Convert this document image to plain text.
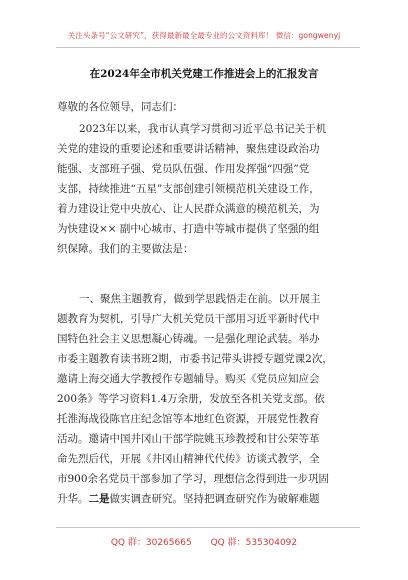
关注头条号“公文研究”，获得最新最全最专业的公文资料库！ 微信：gongwenyj
在2024年全市机关党建工作推进会上的汇报发言
尊敬的各位领导，同志们：
2023年以来，我市认真学习贯彻习近平总书记关于机
关党的建设的重要论述和重要讲话精神，聚焦建设政治功
能强、支部班子强、党员队伍强、作用发挥强“四强”党
支部，持续推进“五星”支部创建引领模范机关建设工作，
着力建设让党中央放心、让人民群众满意的模范机关，为
为快建设×× 副中心城市、打造中等城市提供了坚强的组
织保障。我们的主要做法是：
一、聚焦主题教育，做到学思践悟走在前。以开展主
题教育为契机，引导广大机关党员干部用习近平新时代中
国特色社会主义思想凝心铸魂。一是强化理论武装。举办
市委主题教育读书班2期，市委书记带头讲授专题党课2次，
邀请上海交通大学教授作专题辅导。购买《党员应知应会
200条》等学习资料1.4万余册，发放至各机关党支部。依
托淮海战役陈官庄纪念馆等本地红色资源，开展党性教育
活动。邀请中国井冈山干部学院姚玉珍教授和甘公荣等革
命先烈后代，开展《井冈山精神代代传》访谈式教学，全
市900余名党员干部参加了学习，理想信念得到进一步巩固
升华。二是做实调查研究。坚持把调查研究作为破解难题
QQ 群：30265665 QQ 群：535304092
